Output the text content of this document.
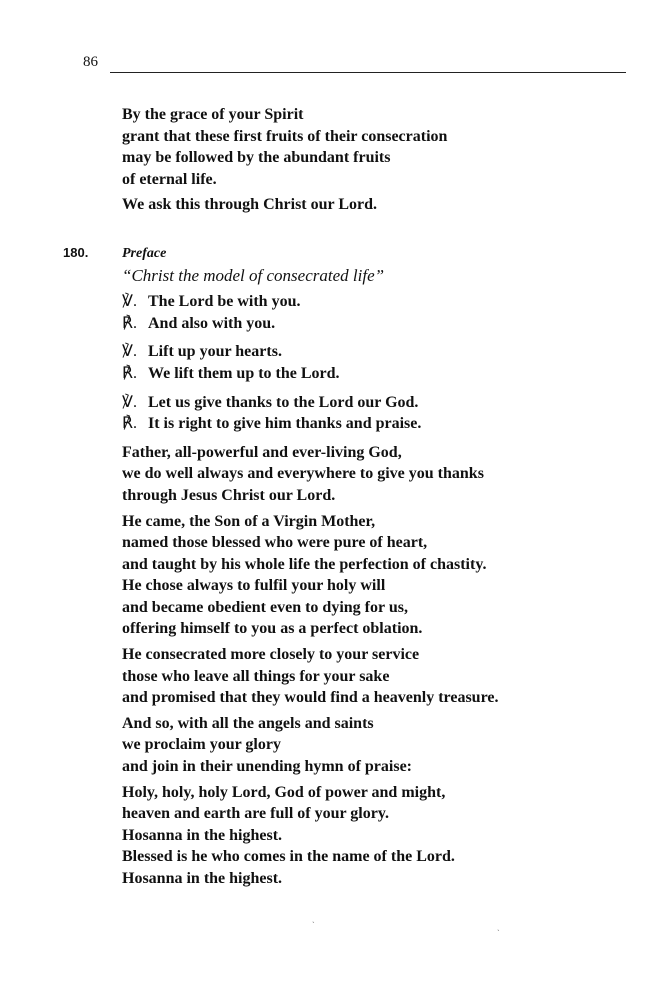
86
By the grace of your Spirit
grant that these first fruits of their consecration
may be followed by the abundant fruits
of eternal life.
We ask this through Christ our Lord.
180. Preface
“Christ the model of consecrated life”
℣. The Lord be with you.
℟. And also with you.
℣. Lift up your hearts.
℟. We lift them up to the Lord.
℣. Let us give thanks to the Lord our God.
℟. It is right to give him thanks and praise.
Father, all-powerful and ever-living God,
we do well always and everywhere to give you thanks
through Jesus Christ our Lord.
He came, the Son of a Virgin Mother,
named those blessed who were pure of heart,
and taught by his whole life the perfection of chastity.
He chose always to fulfil your holy will
and became obedient even to dying for us,
offering himself to you as a perfect oblation.
He consecrated more closely to your service
those who leave all things for your sake
and promised that they would find a heavenly treasure.
And so, with all the angels and saints
we proclaim your glory
and join in their unending hymn of praise:
Holy, holy, holy Lord, God of power and might,
heaven and earth are full of your glory.
Hosanna in the highest.
Blessed is he who comes in the name of the Lord.
Hosanna in the highest.
ˏ
ˎ
